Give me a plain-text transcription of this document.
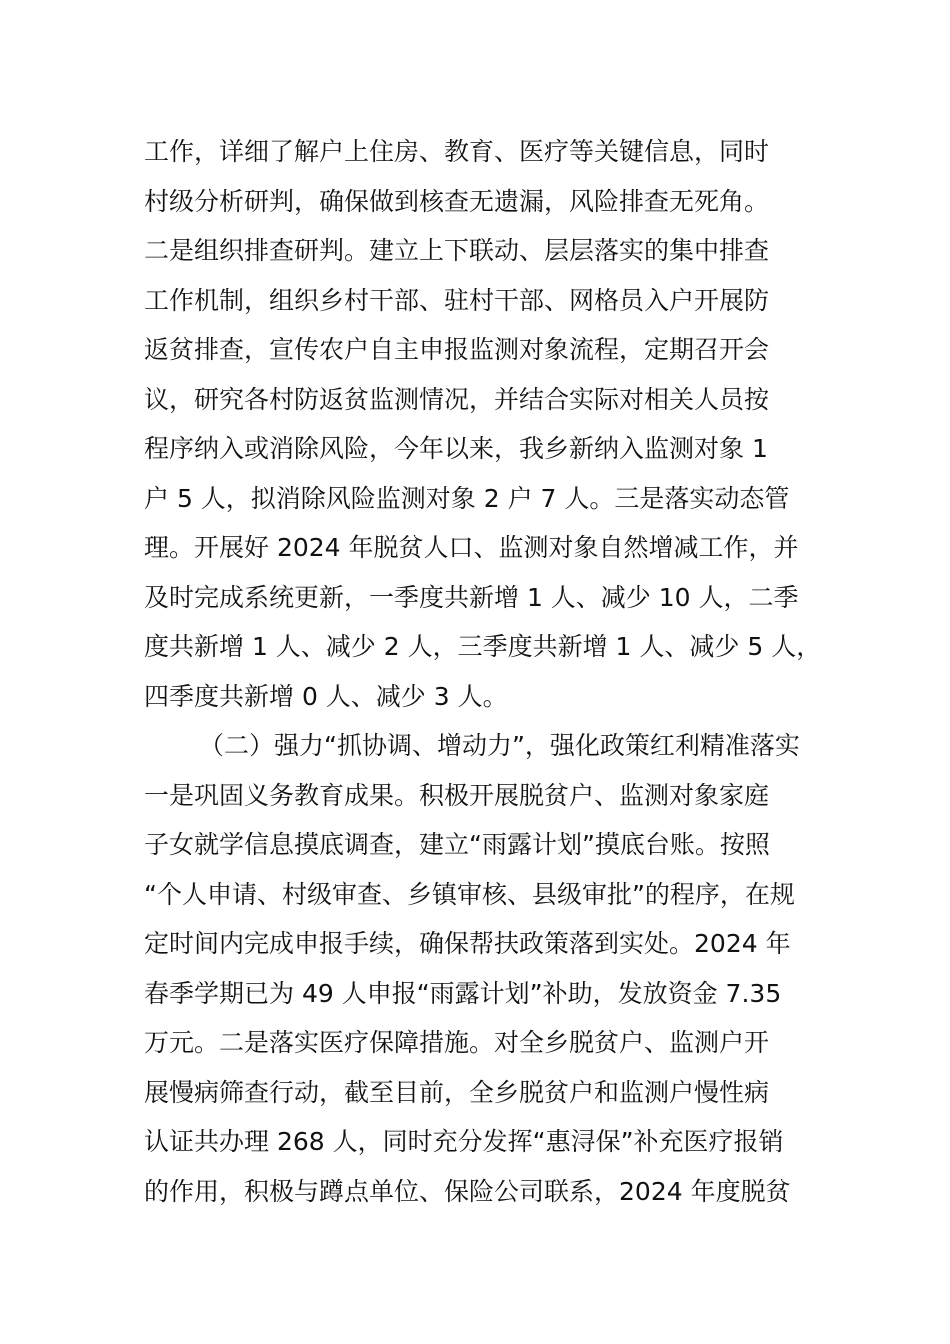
工作，详细了解户上住房、教育、医疗等关键信息，同时
村级分析研判，确保做到核查无遗漏，风险排查无死角。
二是组织排查研判。建立上下联动、层层落实的集中排查
工作机制，组织乡村干部、驻村干部、网格员入户开展防
返贫排查，宣传农户自主申报监测对象流程，定期召开会
议，研究各村防返贫监测情况，并结合实际对相关人员按
程序纳入或消除风险，今年以来，我乡新纳入监测对象 1
户 5 人，拟消除风险监测对象 2 户 7 人。三是落实动态管
理。开展好 2024 年脱贫人口、监测对象自然增减工作，并
及时完成系统更新，一季度共新增 1 人、减少 10 人，二季
度共新增 1 人、减少 2 人，三季度共新增 1 人、减少 5 人，
四季度共新增 0 人、减少 3 人。
（二）强力“抓协调、增动力”，强化政策红利精准落实
一是巩固义务教育成果。积极开展脱贫户、监测对象家庭
子女就学信息摸底调查，建立“雨露计划”摸底台账。按照
“个人申请、村级审查、乡镇审核、县级审批”的程序，在规
定时间内完成申报手续，确保帮扶政策落到实处。2024 年
春季学期已为 49 人申报“雨露计划”补助，发放资金 7.35
万元。二是落实医疗保障措施。对全乡脱贫户、监测户开
展慢病筛查行动，截至目前，全乡脱贫户和监测户慢性病
认证共办理 268 人，同时充分发挥“惠浔保”补充医疗报销
的作用，积极与蹲点单位、保险公司联系，2024 年度脱贫
